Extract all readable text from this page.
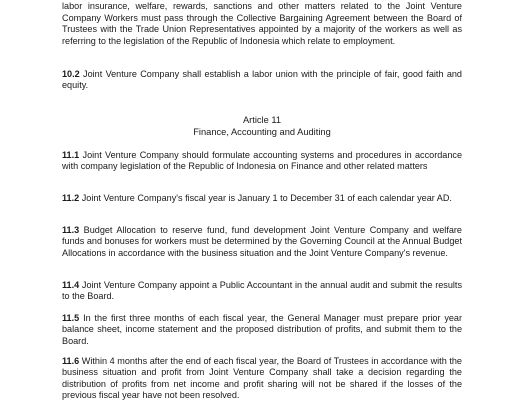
labor insurance, welfare, rewards, sanctions and other matters related to the Joint Venture Company Workers must pass through the Collective Bargaining Agreement between the Board of Trustees with the Trade Union Representatives appointed by a majority of the workers as well as referring to the legislation of the Republic of Indonesia which relate to employment.

10.2 Joint Venture Company shall establish a labor union with the principle of fair, good faith and equity.

Article 11

Finance, Accounting and Auditing

11.1 Joint Venture Company should formulate accounting systems and procedures in accordance with company legislation of the Republic of Indonesia on Finance and other related matters

11.2 Joint Venture Company's fiscal year is January 1 to December 31 of each calendar year AD.

11.3 Budget Allocation to reserve fund, fund development Joint Venture Company and welfare funds and bonuses for workers must be determined by the Governing Council at the Annual Budget Allocations in accordance with the business situation and the Joint Venture Company's revenue.

11.4 Joint Venture Company appoint a Public Accountant in the annual audit and submit the results to the Board.

11.5 In the first three months of each fiscal year, the General Manager must prepare prior year balance sheet, income statement and the proposed distribution of profits, and submit them to the Board.

11.6 Within 4 months after the end of each fiscal year, the Board of Trustees in accordance with the business situation and profit from Joint Venture Company shall take a decision regarding the distribution of profits from net income and profit sharing will not be shared if the losses of the previous fiscal year have not been resolved.
